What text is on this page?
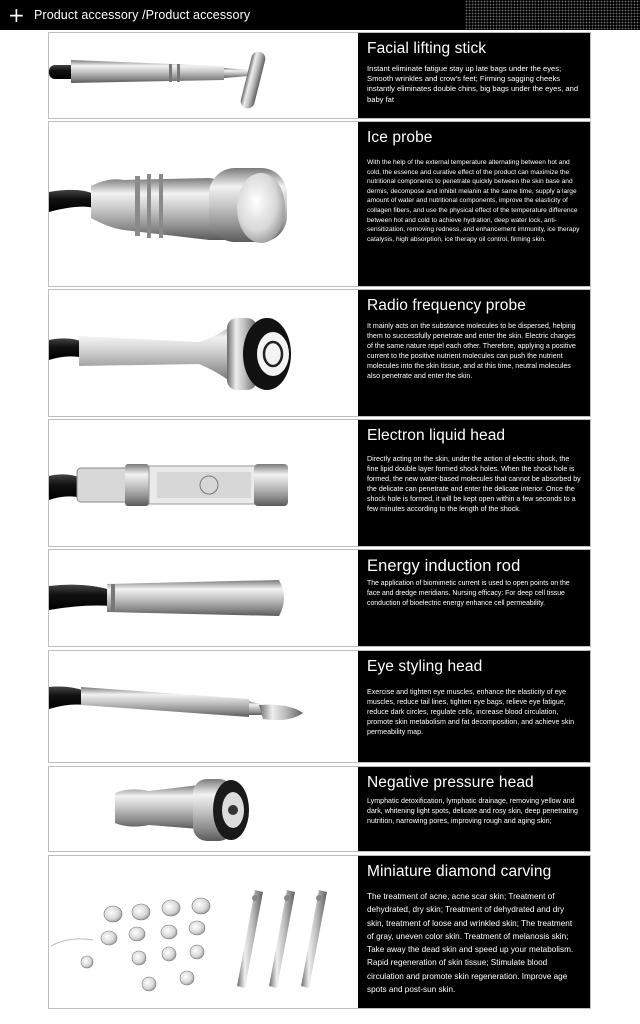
+ Product accessory /Product accessory
Facial lifting stick

Instant eliminate fatigue stay up late bags under the eyes; Smooth wrinkles and crow's feet; Firming sagging cheeks instantly eliminates double chins, big bags under the eyes, and baby fat

Ice probe

With the help of the external temperature alternating between hot and cold, the essence and curative effect of the product can maximize the nutritional components to penetrate quickly between the skin base and dermis, decompose and inhibit melanin at the same time, supply a large amount of water and nutritional components, improve the elasticity of collagen fibers, and use the physical effect of the temperature difference between hot and cold to achieve hydration, deep water lock, anti-sensitization, removing redness, and enhancement immunity, ice therapy catalysis, high absorption, ice therapy oil control, firming skin.

Radio frequency probe

It mainly acts on the substance molecules to be dispersed, helping them to successfully penetrate and enter the skin. Electric charges of the same nature repel each other. Therefore, applying a positive current to the positive nutrient molecules can push the nutrient molecules into the skin tissue, and at this time, neutral molecules also penetrate and enter the skin.

Electron liquid head

Directly acting on the skin, under the action of electric shock, the fine lipid double layer formed shock holes. When the shock hole is formed, the new water-based molecules that cannot be absorbed by the delicate can penetrate and enter the delicate interior. Once the shock hole is formed, it will be kept open within a few seconds to a few minutes according to the length of the shock.

Energy induction rod

The application of biomimetic current is used to open points on the face and dredge meridians. Nursing efficacy: For deep cell tissue conduction of bioelectric energy enhance cell permeability.

Eye styling head

Exercise and tighten eye muscles, enhance the elasticity of eye muscles, reduce tail lines, tighten eye bags, relieve eye fatigue, reduce dark circles, regulate cells, increase blood circulation, promote skin metabolism and fat decomposition, and achieve skin permeability map.

Negative pressure head

Lymphatic detoxification, lymphatic drainage, removing yellow and dark, whitening light spots, delicate and rosy skin, deep penetrating nutrition, narrowing pores, improving rough and aging skin;

Miniature diamond carving

The treatment of acne, acne scar skin; Treatment of dehydrated, dry skin; Treatment of dehydrated and dry skin, treatment of loose and wrinkled skin; The treatment of gray, uneven color skin. Treatment of melanosis skin; Take away the dead skin and speed up your metabolism. Rapid regeneration of skin tissue; Stimulate blood circulation and promote skin regeneration. Improve age spots and post-sun skin.
